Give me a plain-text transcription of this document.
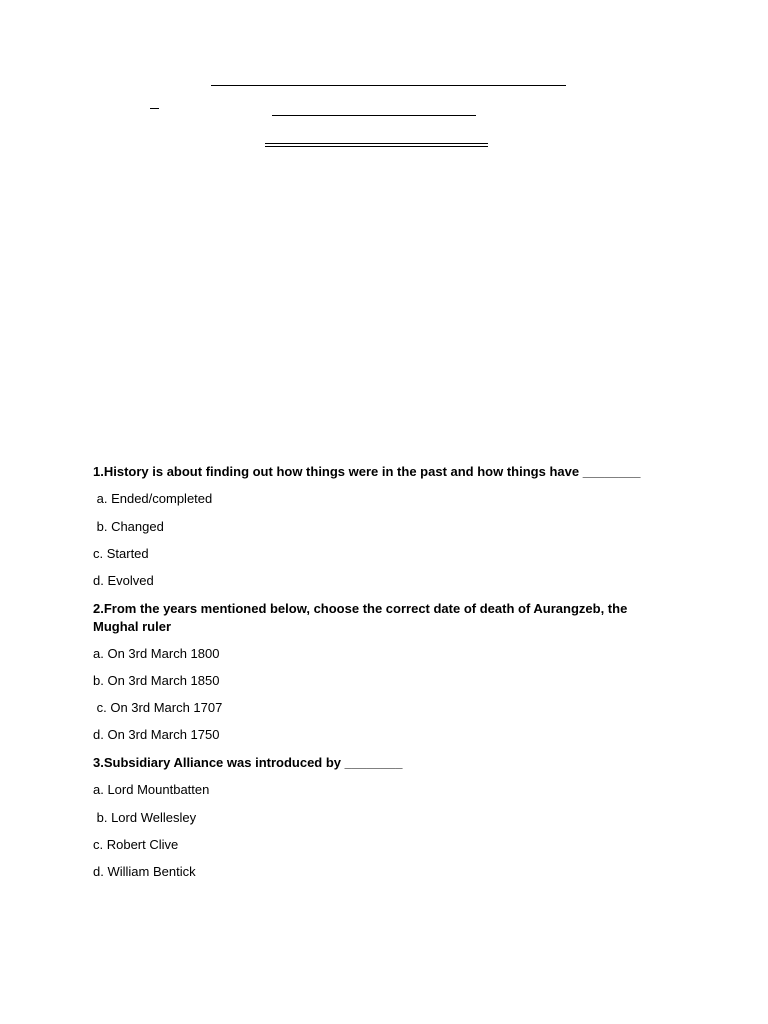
1.History is about finding out how things were in the past and how things have ________
a. Ended/completed
b. Changed
c. Started
d. Evolved
2.From the years mentioned below, choose the correct date of death of Aurangzeb, the Mughal ruler
a. On 3rd March 1800
b. On 3rd March 1850
c. On 3rd March 1707
d. On 3rd March 1750
3.Subsidiary Alliance was introduced by ________
a. Lord Mountbatten
b. Lord Wellesley
c. Robert Clive
d. William Bentick
